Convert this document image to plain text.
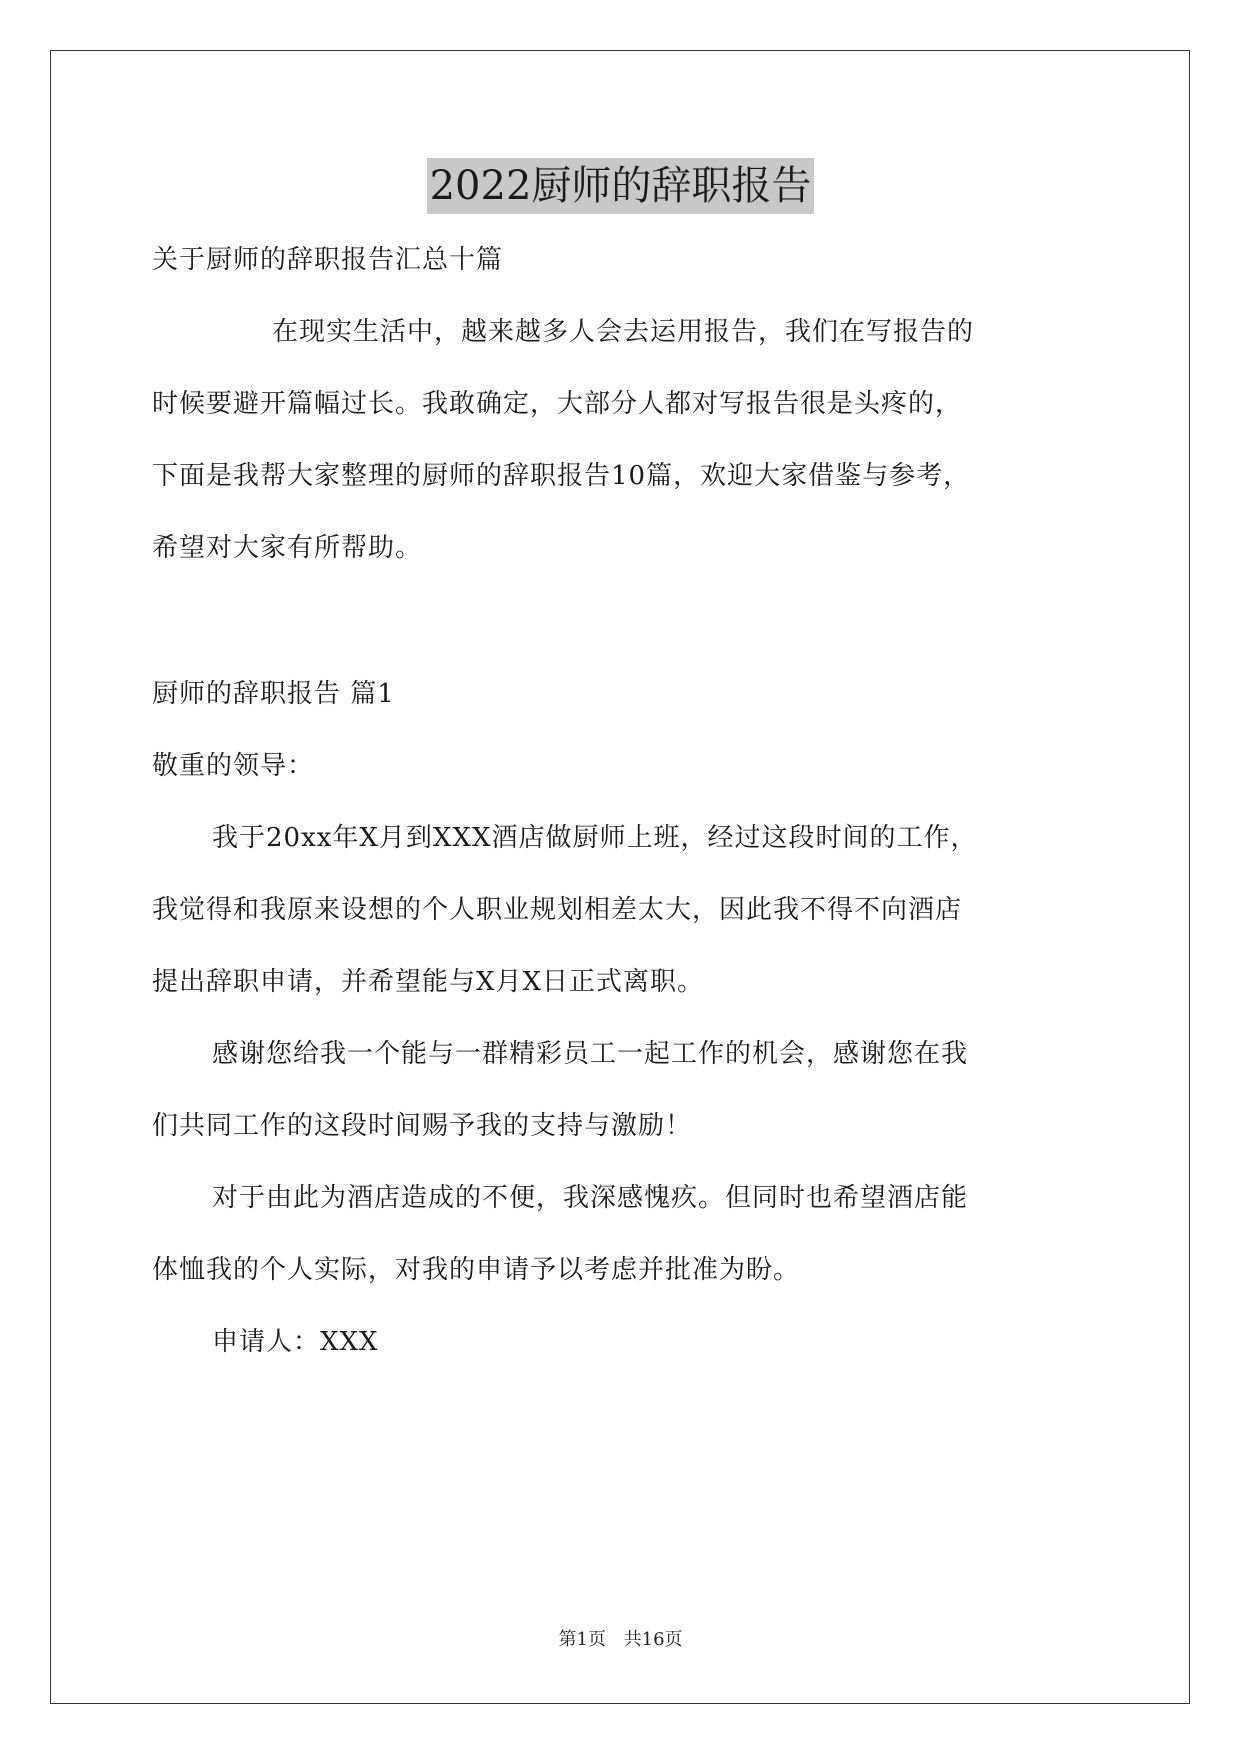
2022厨师的辞职报告

关于厨师的辞职报告汇总十篇

在现实生活中，越来越多人会去运用报告，我们在写报告的

时候要避开篇幅过长。我敢确定，大部分人都对写报告很是头疼的，

下面是我帮大家整理的厨师的辞职报告10篇，欢迎大家借鉴与参考，

希望对大家有所帮助。

厨师的辞职报告 篇1

敬重的领导：

我于20xx年X月到XXX酒店做厨师上班，经过这段时间的工作，

我觉得和我原来设想的个人职业规划相差太大，因此我不得不向酒店

提出辞职申请，并希望能与X月X日正式离职。

感谢您给我一个能与一群精彩员工一起工作的机会，感谢您在我

们共同工作的这段时间赐予我的支持与激励！

对于由此为酒店造成的不便，我深感愧疚。但同时也希望酒店能

体恤我的个人实际，对我的申请予以考虑并批准为盼。

申请人：XXX

第1页 共16页
